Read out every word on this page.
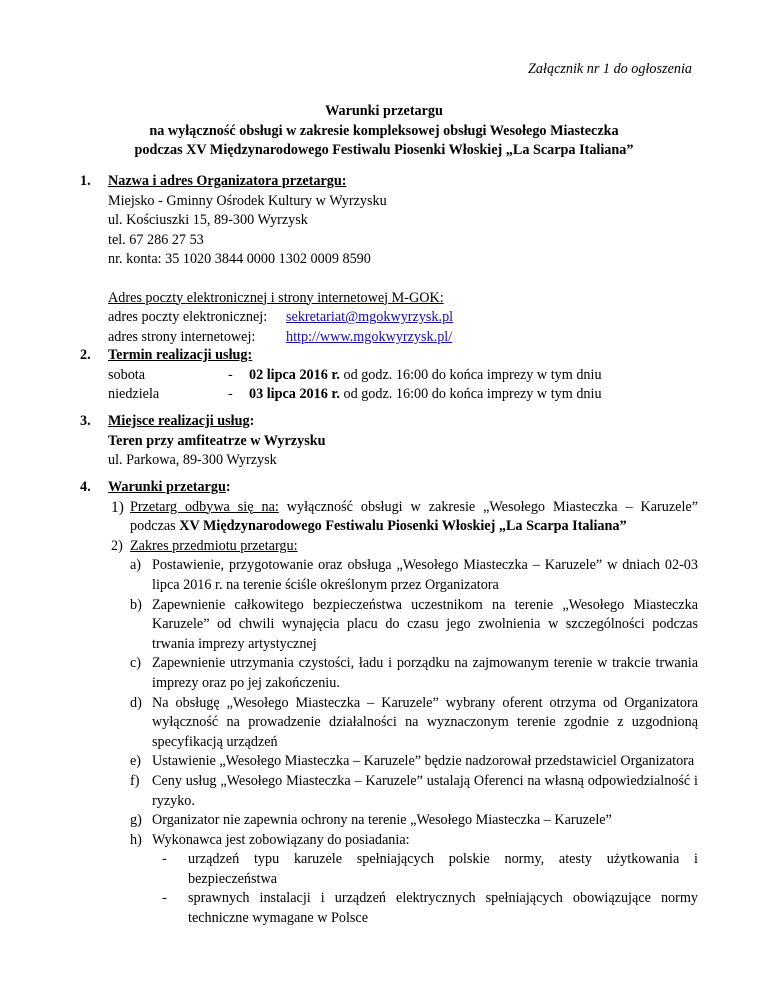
Załącznik nr 1 do ogłoszenia
Warunki przetargu
na wyłączność obsługi w zakresie kompleksowej obsługi Wesołego Miasteczka
podczas XV Międzynarodowego Festiwalu Piosenki Włoskiej „La Scarpa Italiana”
1. Nazwa i adres Organizatora przetargu:
Miejsko - Gminny Ośrodek Kultury w Wyrzysku
ul. Kościuszki 15, 89-300 Wyrzysk
tel. 67 286 27 53
nr. konta: 35 1020 3844 0000 1302 0009 8590
Adres poczty elektronicznej i strony internetowej M-GOK:
adres poczty elektronicznej: sekretariat@mgokwyrzysk.pl
adres strony internetowej: http://www.mgokwyrzysk.pl/
2. Termin realizacji usług:
sobota	- 02 lipca 2016 r. od godz. 16:00 do końca imprezy w tym dniu
niedziela	- 03 lipca 2016 r. od godz. 16:00 do końca imprezy w tym dniu
3. Miejsce realizacji usług:
Teren przy amfiteatrze w Wyrzysku
ul. Parkowa, 89-300 Wyrzysk
4. Warunki przetargu:
1) Przetarg odbywa się na: wyłączność obsługi w zakresie „Wesołego Miasteczka – Karuzele” podczas XV Międzynarodowego Festiwalu Piosenki Włoskiej „La Scarpa Italiana”
2) Zakres przedmiotu przetargu:
a) Postawienie, przygotowanie oraz obsługa „Wesołego Miasteczka – Karuzele” w dniach 02-03 lipca 2016 r. na terenie ściśle określonym przez Organizatora
b) Zapewnienie całkowitego bezpieczeństwa uczestnikom na terenie „Wesołego Miasteczka Karuzele” od chwili wynajęcia placu do czasu jego zwolnienia w szczególności podczas trwania imprezy artystycznej
c) Zapewnienie utrzymania czystości, ładu i porządku na zajmowanym terenie w trakcie trwania imprezy oraz po jej zakończeniu.
d) Na obsługę „Wesołego Miasteczka – Karuzele” wybrany oferent otrzyma od Organizatora wyłączność na prowadzenie działalności na wyznaczonym terenie zgodnie z uzgodnioną specyfikacją urządzeń
e) Ustawienie „Wesołego Miasteczka – Karuzele” będzie nadzorował przedstawiciel Organizatora
f) Ceny usług „Wesołego Miasteczka – Karuzele” ustalają Oferenci na własną odpowiedzialność i ryzyko.
g) Organizator nie zapewnia ochrony na terenie „Wesołego Miasteczka – Karuzele”
h) Wykonawca jest zobowiązany do posiadania:
- urządzeń typu karuzele spełniających polskie normy, atesty użytkowania i bezpieczeństwa
- sprawnych instalacji i urządzeń elektrycznych spełniających obowiązujące normy techniczne wymagane w Polsce
